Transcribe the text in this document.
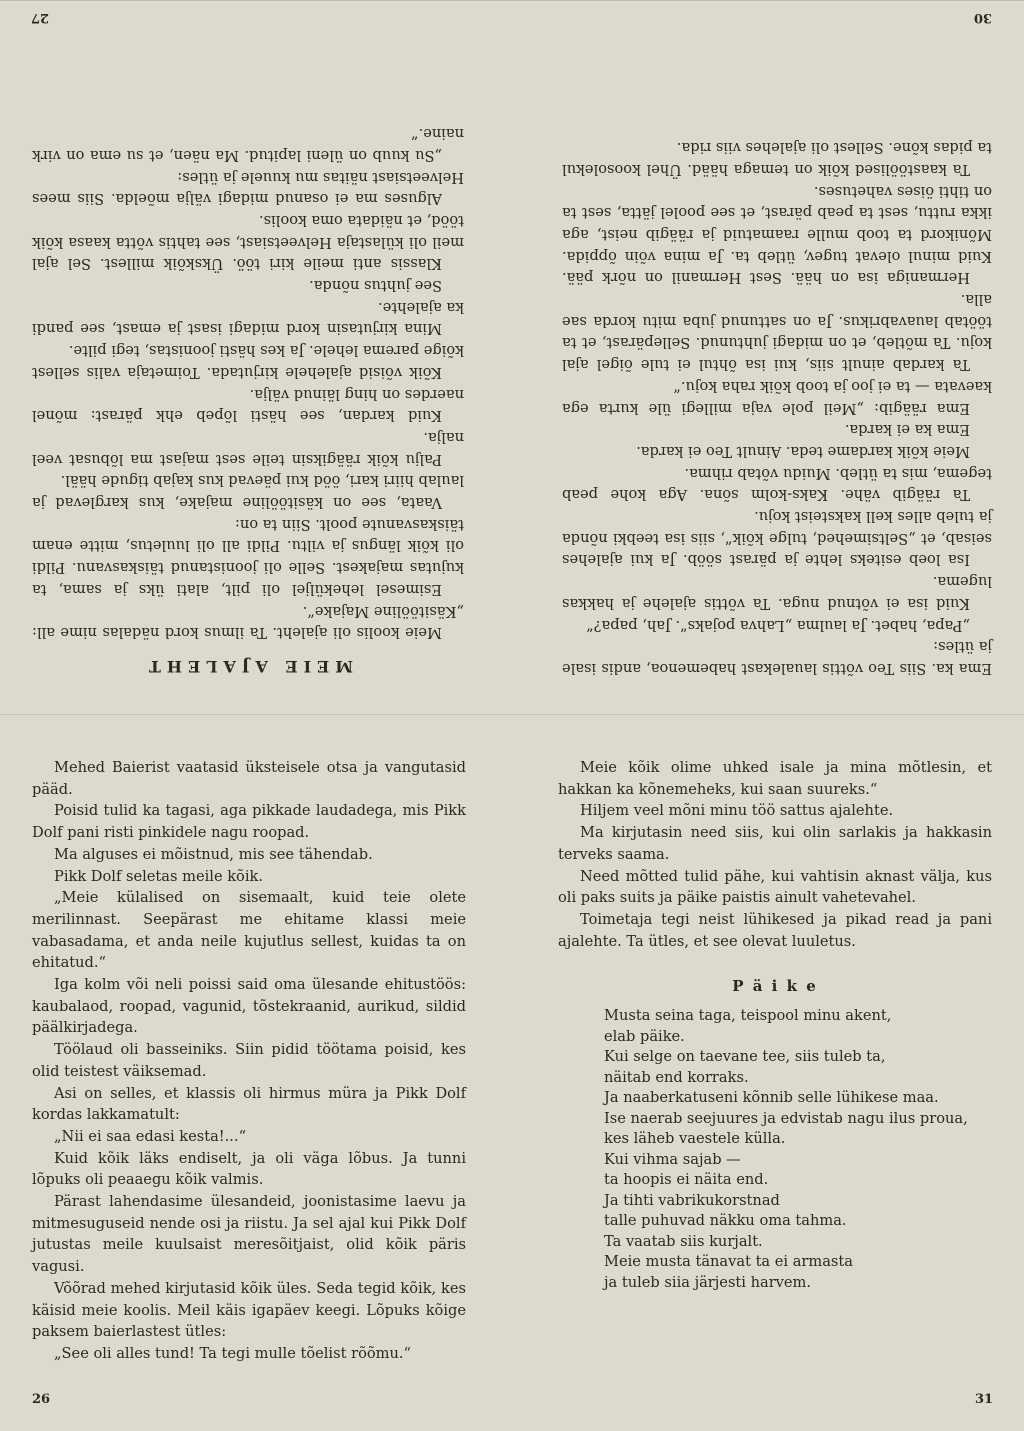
Ema ka. Siis Teo võttis laualekast habemenoa, andis isale ja ütles:

„Papa, habet. Ja laulma „Lahva pojaks“. Jah, papa?“

Kuid isa ei võtnud nuga. Ta võttis ajalehe ja hakkas lugema.

Isa loeb esiteks lehte ja pärast sööb. Ja kui ajalehes seisab, et „Seltsimehed, tulge kõik“, siis isa teebki nõnda ja tuleb alles kell kaksteist koju.

Ta räägib vähe. Kaks-kolm sõna. Aga kohe peab tegema, mis ta ütleb. Muidu võtab rihma.

Meie kõik kardame teda. Ainult Teo ei karda.

Ema ka ei karda.

Ema räägib: „Meil pole vaja millegi üle kurta ega kaevata — ta ei joo ja toob kõik raha koju.“

Ta kardab ainult siis, kui isa õhtul ei tule õigel ajal koju. Ta mõtleb, et on midagi juhtunud. Sellepärast, et ta töötab lauavabrikus. Ja on sattunud juba mitu korda sae alla.

Hermaniga isa on hää. Sest Hermanil on nõrk pää. Kuid minul olevat tugev, ütleb ta. Ja mina võin õppida. Mõnikord ta toob mulle raamatuid ja räägib neist, aga ikka ruttu, sest ta peab pärast, et see poolel jätta, sest ta on tihti öises vahetuses.

Ta kaastöölised kõik on temaga hääd. Ühel koosolekul ta pidas kõne. Sellest oli ajalehes viis rida.

30
MEIE AJALEHT

Meie koolis oli ajaleht. Ta ilmus kord nädalas nime all: „Käsitööline Majake“.

Esimesel leheküljel oli pilt, alati üks ja sama, ta kujutas majakest. Selle oli joonistanud täiskasvanu. Pildi oli kõik längus ja viltu. Pildi all oli luuletus, mitte enam täiskasvanute poolt. Siin ta on:

Vaata, see on käsitööline majake, kus karglevad ja laulab hiiri kari, ööd kui päevad kus kajab tigude hääl.

Palju kõik räägiksin teile sest majast ma lõbusat veel nalja.

Kuid kardan, see hästi lõpeb ehk pärast: mõnel naerdes on hing läinud välja.

Kõik võisid ajalehele kirjutada. Toimetaja valis sellest kõige parema lehele. Ja kes hästi joonistas, tegi pilte.

Mina kirjutasin kord midagi isast ja emast, see pandi ka ajalehte.

See juhtus nõnda.

Klassis anti meile kiri töö. Ükskõik millest. Sel ajal meil oli külastaja Helveetsiast, see tahtis võtta kaasa kõik tööd, et näidata oma koolis.

Alguses ma ei osanud midagi välja mõelda. Siis mees Helveetsiast näitas mu kuuele ja ütles:

„Su kuub on üleni lapitud. Ma näen, et su ema on virk naine.“

27

Mehed Baierist vaatasid üksteisele otsa ja vangutasid pääd.

Poisid tulid ka tagasi, aga pikkade laudadega, mis Pikk Dolf pani risti pinkidele nagu roopad.

Ma alguses ei mõistnud, mis see tähendab.

Pikk Dolf seletas meile kõik.

„Meie külalised on sisemaalt, kuid teie olete merilinnast. Seepärast me ehitame klassi meie vabasadama, et anda neile kujutlus sellest, kuidas ta on ehitatud.“

Iga kolm või neli poissi said oma ülesande ehitustöös: kaubalaod, roopad, vagunid, tõstekraanid, aurikud, sildid päälkirjadega.

Töölaud oli basseiniks. Siin pidid töötama poisid, kes olid teistest väiksemad.

Asi on selles, et klassis oli hirmus müra ja Pikk Dolf kordas lakkamatult:

„Nii ei saa edasi kesta!...“

Kuid kõik läks endiselt, ja oli väga lõbus. Ja tunni lõpuks oli peaaegu kõik valmis.

Pärast lahendasime ülesandeid, joonistasime laevu ja mitmesuguseid nende osi ja riistu. Ja sel ajal kui Pikk Dolf jutustas meile kuulsaist meresõitjaist, olid kõik päris vagusi.

Võõrad mehed kirjutasid kõik üles. Seda tegid kõik, kes käisid meie koolis. Meil käis igapäev keegi. Lõpuks kõige paksem baierlastest ütles:

„See oli alles tund! Ta tegi mulle tõelist rõõmu.“

26

Meie kõik olime uhked isale ja mina mõtlesin, et hakkan ka kõnemeheks, kui saan suureks.“

Hiljem veel mõni minu töö sattus ajalehte.

Ma kirjutasin need siis, kui olin sarlakis ja hakkasin terveks saama.

Need mõtted tulid pähe, kui vahtisin aknast välja, kus oli paks suits ja päike paistis ainult vahetevahel.

Toimetaja tegi neist lühikesed ja pikad read ja pani ajalehte. Ta ütles, et see olevat luuletus.

P ä i k e
Musta seina taga, teispool minu akent,
elab päike.
Kui selge on taevane tee, siis tuleb ta,
näitab end korraks.
Ja naaberkatuseni kõnnib selle lühikese maa.
Ise naerab seejuures ja edvistab nagu ilus proua,
kes läheb vaestele külla.
Kui vihma sajab —
ta hoopis ei näita end.
Ja tihti vabrikukorstnad
talle puhuvad näkku oma tahma.
Ta vaatab siis kurjalt.
Meie musta tänavat ta ei armasta
ja tuleb siia järjesti harvem.
31
